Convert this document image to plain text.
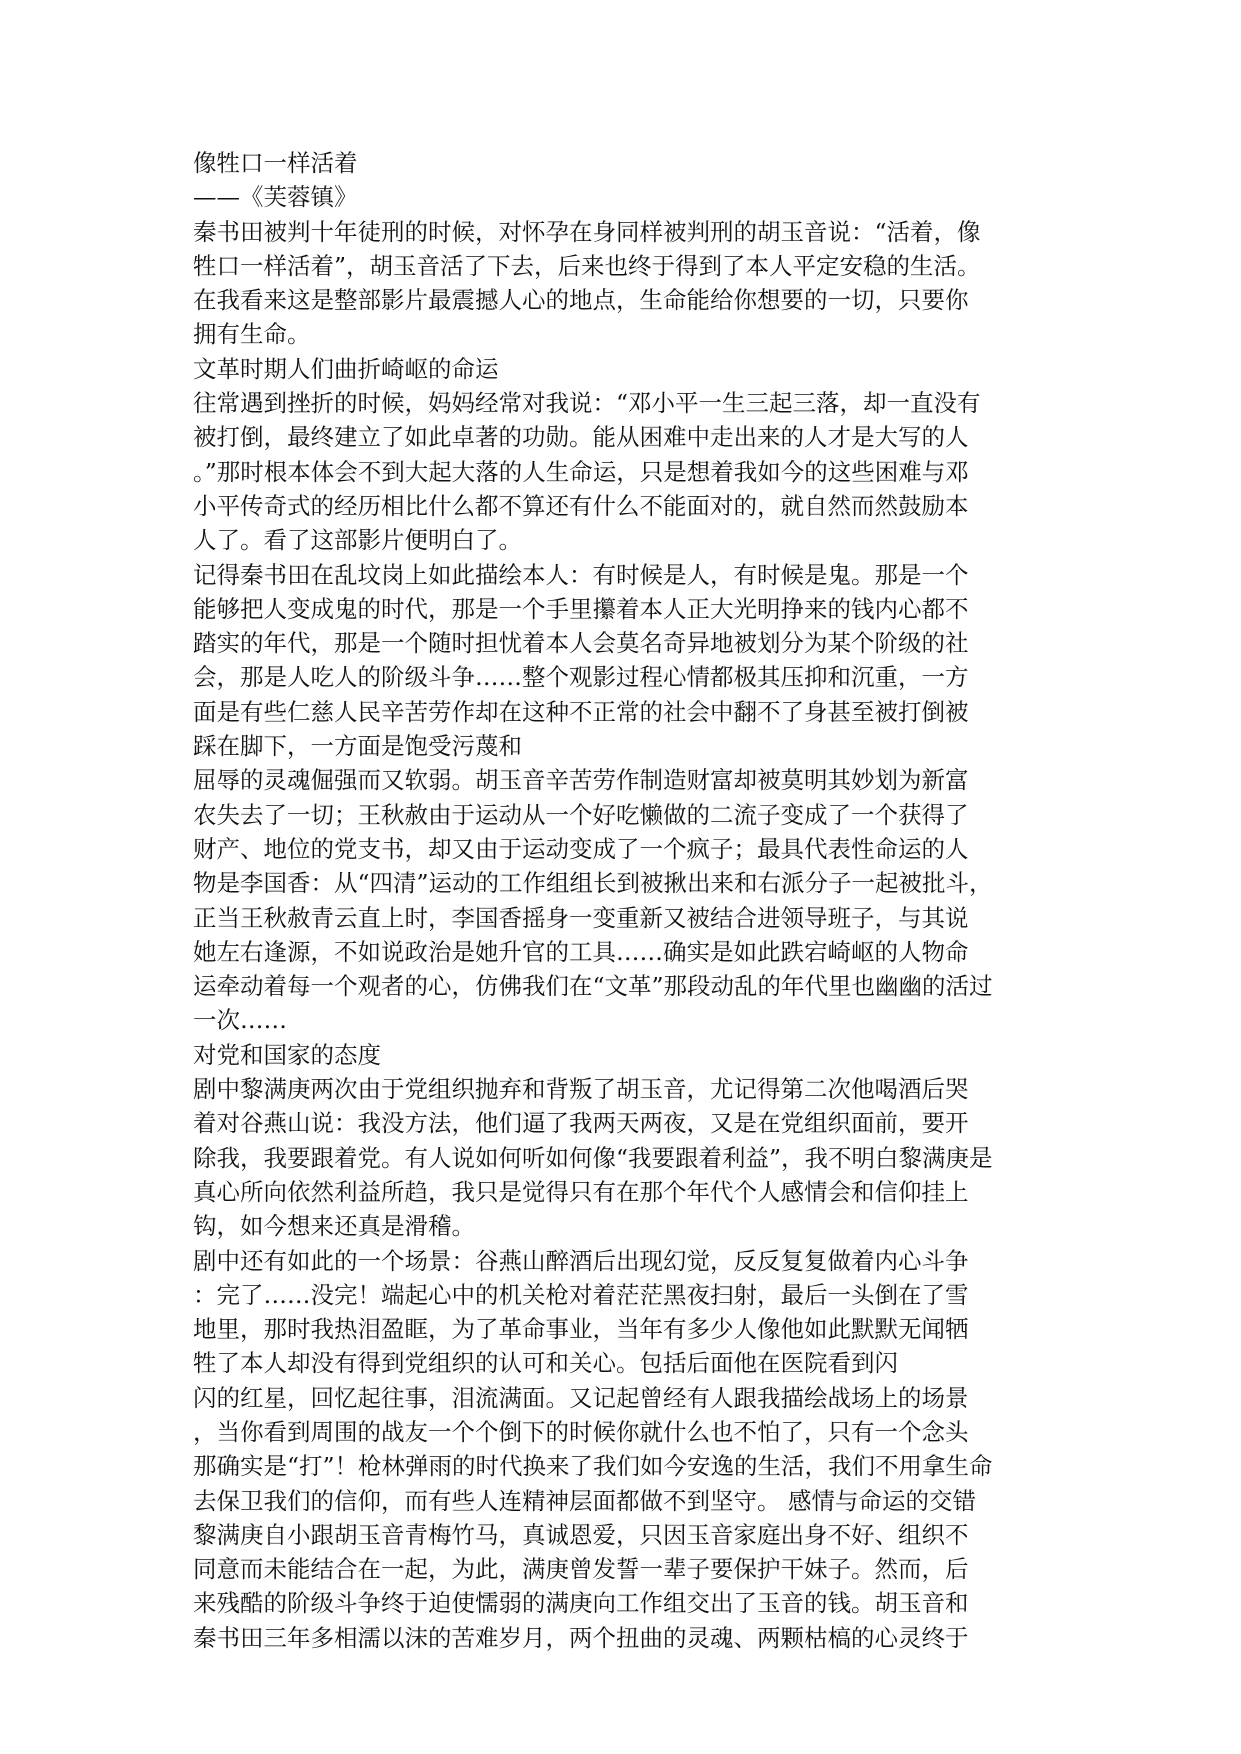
像牲口一样活着
——《芙蓉镇》
秦书田被判十年徒刑的时候，对怀孕在身同样被判刑的胡玉音说：“活着，像
牲口一样活着”，胡玉音活了下去，后来也终于得到了本人平定安稳的生活。
在我看来这是整部影片最震撼人心的地点，生命能给你想要的一切，只要你
拥有生命。
文革时期人们曲折崎岖的命运
往常遇到挫折的时候，妈妈经常对我说：“邓小平一生三起三落，却一直没有
被打倒，最终建立了如此卓著的功勋。能从困难中走出来的人才是大写的人
。”那时根本体会不到大起大落的人生命运，只是想着我如今的这些困难与邓
小平传奇式的经历相比什么都不算还有什么不能面对的，就自然而然鼓励本
人了。看了这部影片便明白了。
记得秦书田在乱坟岗上如此描绘本人：有时候是人，有时候是鬼。那是一个
能够把人变成鬼的时代，那是一个手里攥着本人正大光明挣来的钱内心都不
踏实的年代，那是一个随时担忧着本人会莫名奇异地被划分为某个阶级的社
会，那是人吃人的阶级斗争……整个观影过程心情都极其压抑和沉重，一方
面是有些仁慈人民辛苦劳作却在这种不正常的社会中翻不了身甚至被打倒被
踩在脚下，一方面是饱受污蔑和
屈辱的灵魂倔强而又软弱。胡玉音辛苦劳作制造财富却被莫明其妙划为新富
农失去了一切；王秋赦由于运动从一个好吃懒做的二流子变成了一个获得了
财产、地位的党支书，却又由于运动变成了一个疯子；最具代表性命运的人
物是李国香：从“四清”运动的工作组组长到被揪出来和右派分子一起被批斗，
正当王秋赦青云直上时，李国香摇身一变重新又被结合进领导班子，与其说
她左右逢源，不如说政治是她升官的工具……确实是如此跌宕崎岖的人物命
运牵动着每一个观者的心，仿佛我们在“文革”那段动乱的年代里也幽幽的活过
一次……
对党和国家的态度
剧中黎满庚两次由于党组织抛弃和背叛了胡玉音，尤记得第二次他喝酒后哭
着对谷燕山说：我没方法，他们逼了我两天两夜，又是在党组织面前，要开
除我，我要跟着党。有人说如何听如何像“我要跟着利益”，我不明白黎满庚是
真心所向依然利益所趋，我只是觉得只有在那个年代个人感情会和信仰挂上
钩，如今想来还真是滑稽。
剧中还有如此的一个场景：谷燕山醉酒后出现幻觉，反反复复做着内心斗争
：完了……没完！端起心中的机关枪对着茫茫黑夜扫射，最后一头倒在了雪
地里，那时我热泪盈眶，为了革命事业，当年有多少人像他如此默默无闻牺
牲了本人却没有得到党组织的认可和关心。包括后面他在医院看到闪
闪的红星，回忆起往事，泪流满面。又记起曾经有人跟我描绘战场上的场景
，当你看到周围的战友一个个倒下的时候你就什么也不怕了，只有一个念头
那确实是“打”！枪林弹雨的时代换来了我们如今安逸的生活，我们不用拿生命
去保卫我们的信仰，而有些人连精神层面都做不到坚守。 感情与命运的交错
黎满庚自小跟胡玉音青梅竹马，真诚恩爱，只因玉音家庭出身不好、组织不
同意而未能结合在一起，为此，满庚曾发誓一辈子要保护干妹子。然而，后
来残酷的阶级斗争终于迫使懦弱的满庚向工作组交出了玉音的钱。胡玉音和
秦书田三年多相濡以沫的苦难岁月，两个扭曲的灵魂、两颗枯槁的心灵终于
